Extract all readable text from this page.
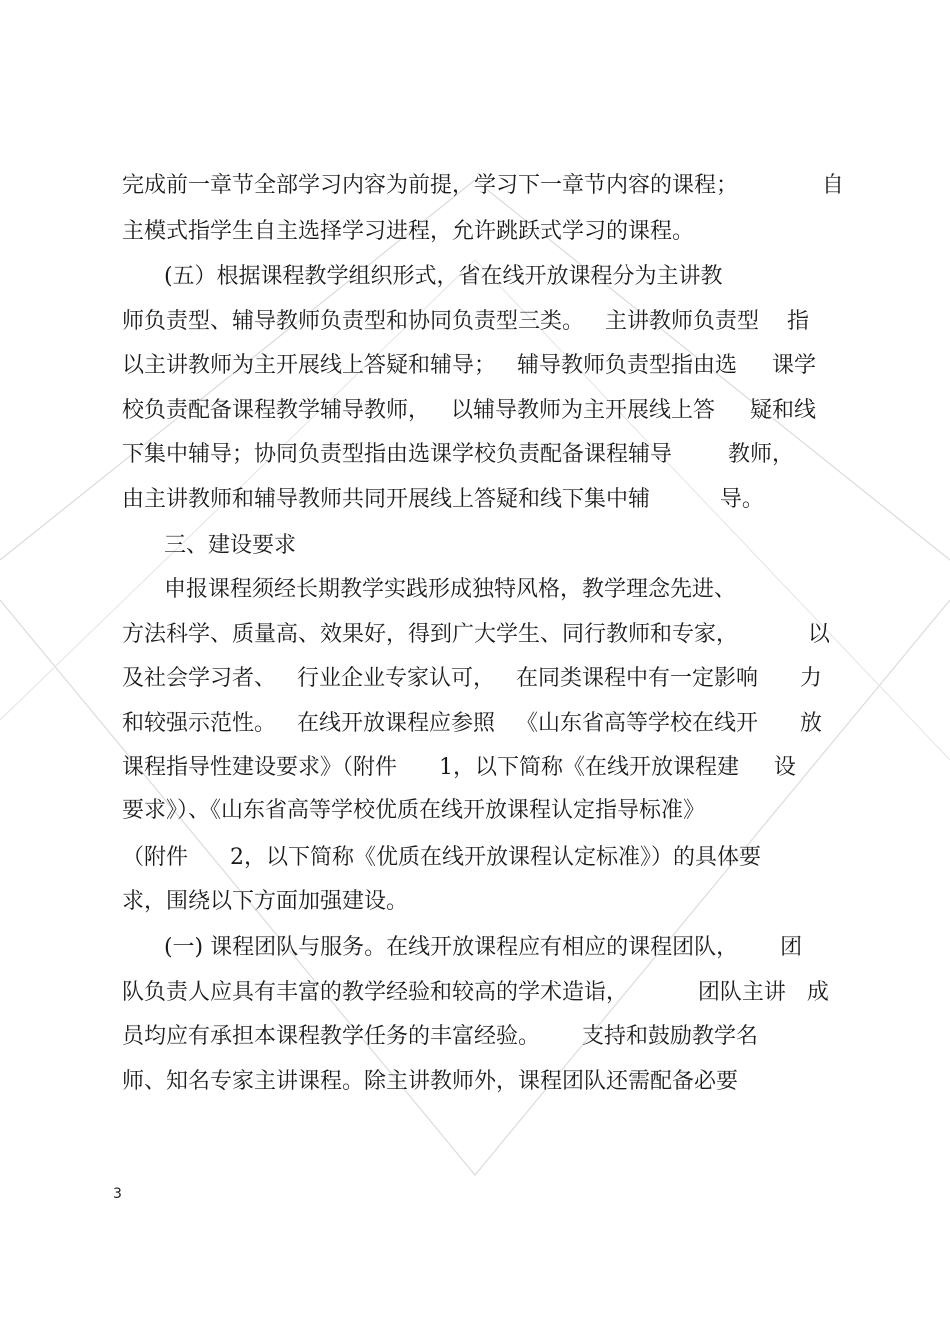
完成前一章节全部学习内容为前提，学习下一章节内容的课程；            自
主模式指学生自主选择学习进程，允许跳跃式学习的课程。
(五）根据课程教学组织形式，省在线开放课程分为主讲教
师负责型、辅导教师负责型和协同负责型三类。   主讲教师负责型    指
以主讲教师为主开展线上答疑和辅导；   辅导教师负责型指由选     课学
校负责配备课程教学辅导教师，   以辅导教师为主开展线上答     疑和线
下集中辅导；协同负责型指由选课学校负责配备课程辅导        教师，
由主讲教师和辅导教师共同开展线上答疑和线下集中辅          导。
三、建设要求
申报课程须经长期教学实践形成独特风格，教学理念先进、
方法科学、质量高、效果好，得到广大学生、同行教师和专家，          以
及社会学习者、   行业企业专家认可，   在同类课程中有一定影响      力
和较强示范性。   在线开放课程应参照   《山东省高等学校在线开      放
课程指导性建设要求》（附件      1，以下简称《在线开放课程建     设
要求》）、《山东省高等学校优质在线开放课程认定指导标准》
（附件      2，以下简称《优质在线开放课程认定标准》）的具体要
求，围绕以下方面加强建设。
(一) 课程团队与服务。在线开放课程应有相应的课程团队，      团
队负责人应具有丰富的教学经验和较高的学术造诣，          团队主讲   成
员均应有承担本课程教学任务的丰富经验。      支持和鼓励教学名
师、知名专家主讲课程。除主讲教师外，课程团队还需配备必要
3
